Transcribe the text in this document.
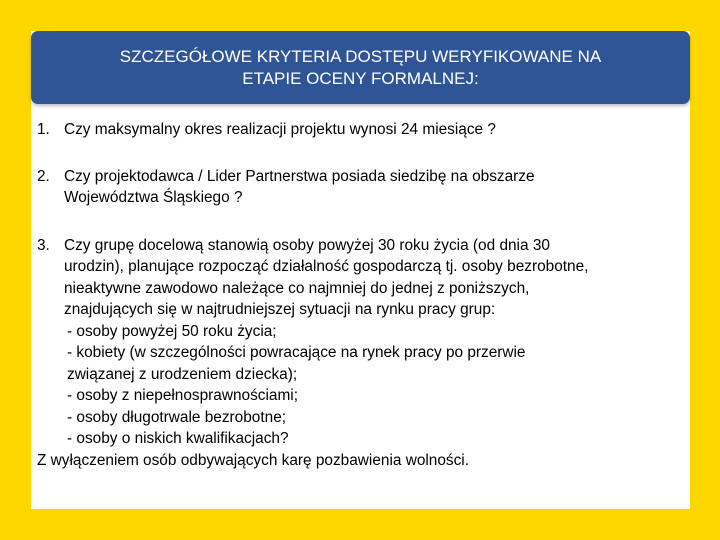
SZCZEGÓŁOWE KRYTERIA DOSTĘPU WERYFIKOWANE NA
ETAPIE OCENY FORMALNEJ:
1. Czy maksymalny okres realizacji projektu wynosi 24 miesiące ?
2. Czy projektodawca / Lider Partnerstwa posiada siedzibę na obszarze
Województwa Śląskiego ?
3. Czy grupę docelową stanowią osoby powyżej 30 roku życia (od dnia 30
urodzin), planujące rozpocząć działalność gospodarczą tj. osoby bezrobotne,
nieaktywne zawodowo należące co najmniej do jednej z poniższych,
znajdujących się w najtrudniejszej sytuacji na rynku pracy grup:
- osoby powyżej 50 roku życia;
- kobiety (w szczególności powracające na rynek pracy po przerwie
związanej z urodzeniem dziecka);
- osoby z niepełnosprawnościami;
- osoby długotrwale bezrobotne;
- osoby o niskich kwalifikacjach?
Z wyłączeniem osób odbywających karę pozbawienia wolności.
